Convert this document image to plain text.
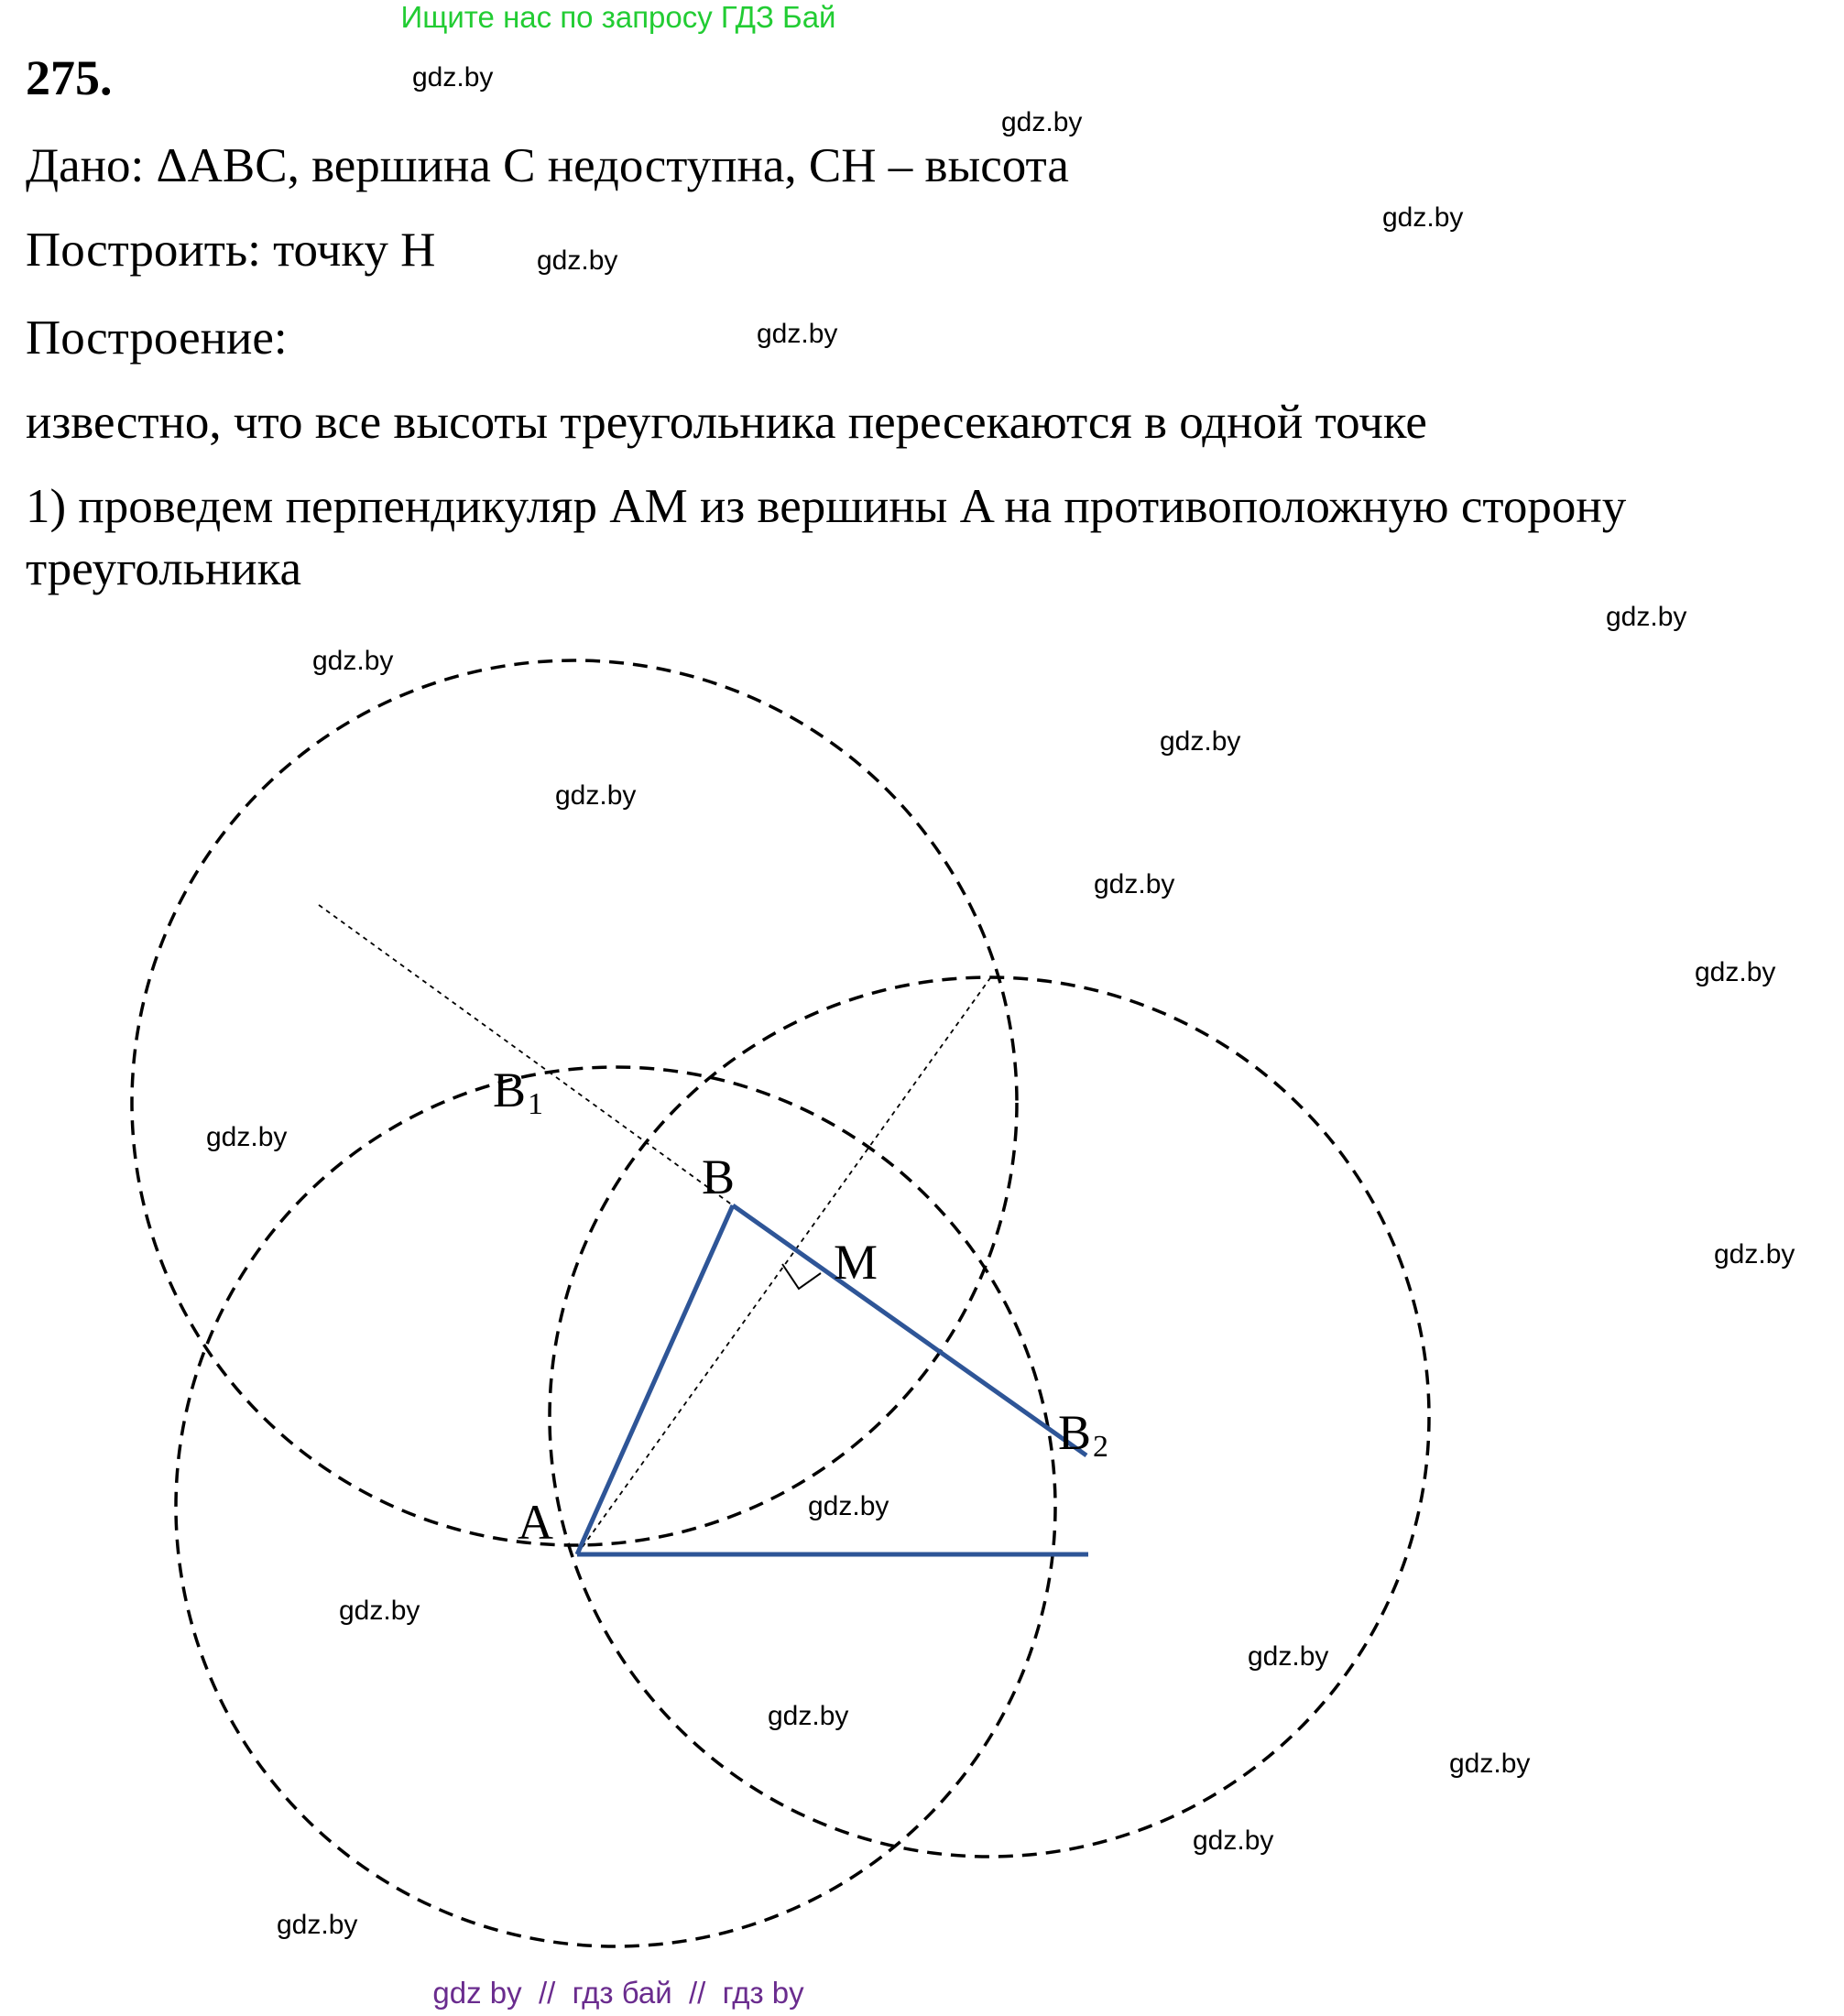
Ищите нас по запросу ГДЗ Бай
275.
Дано: ΔABC, вершина C недоступна, CH – высота
Построить: точку H
Построение:
известно, что все высоты треугольника пересекаются в одной точке
1) проведем перпендикуляр AM из вершины A на противоположную сторону
треугольника
A
B
M
B 1
B 2
gdz.by
gdz.by
gdz.by
gdz.by
gdz.by
gdz.by
gdz.by
gdz.by
gdz.by
gdz.by
gdz.by
gdz.by
gdz.by
gdz.by
gdz.by
gdz.by
gdz.by
gdz.by
gdz.by
gdz.by
gdz by  //  гдз бай  //  гдз by
